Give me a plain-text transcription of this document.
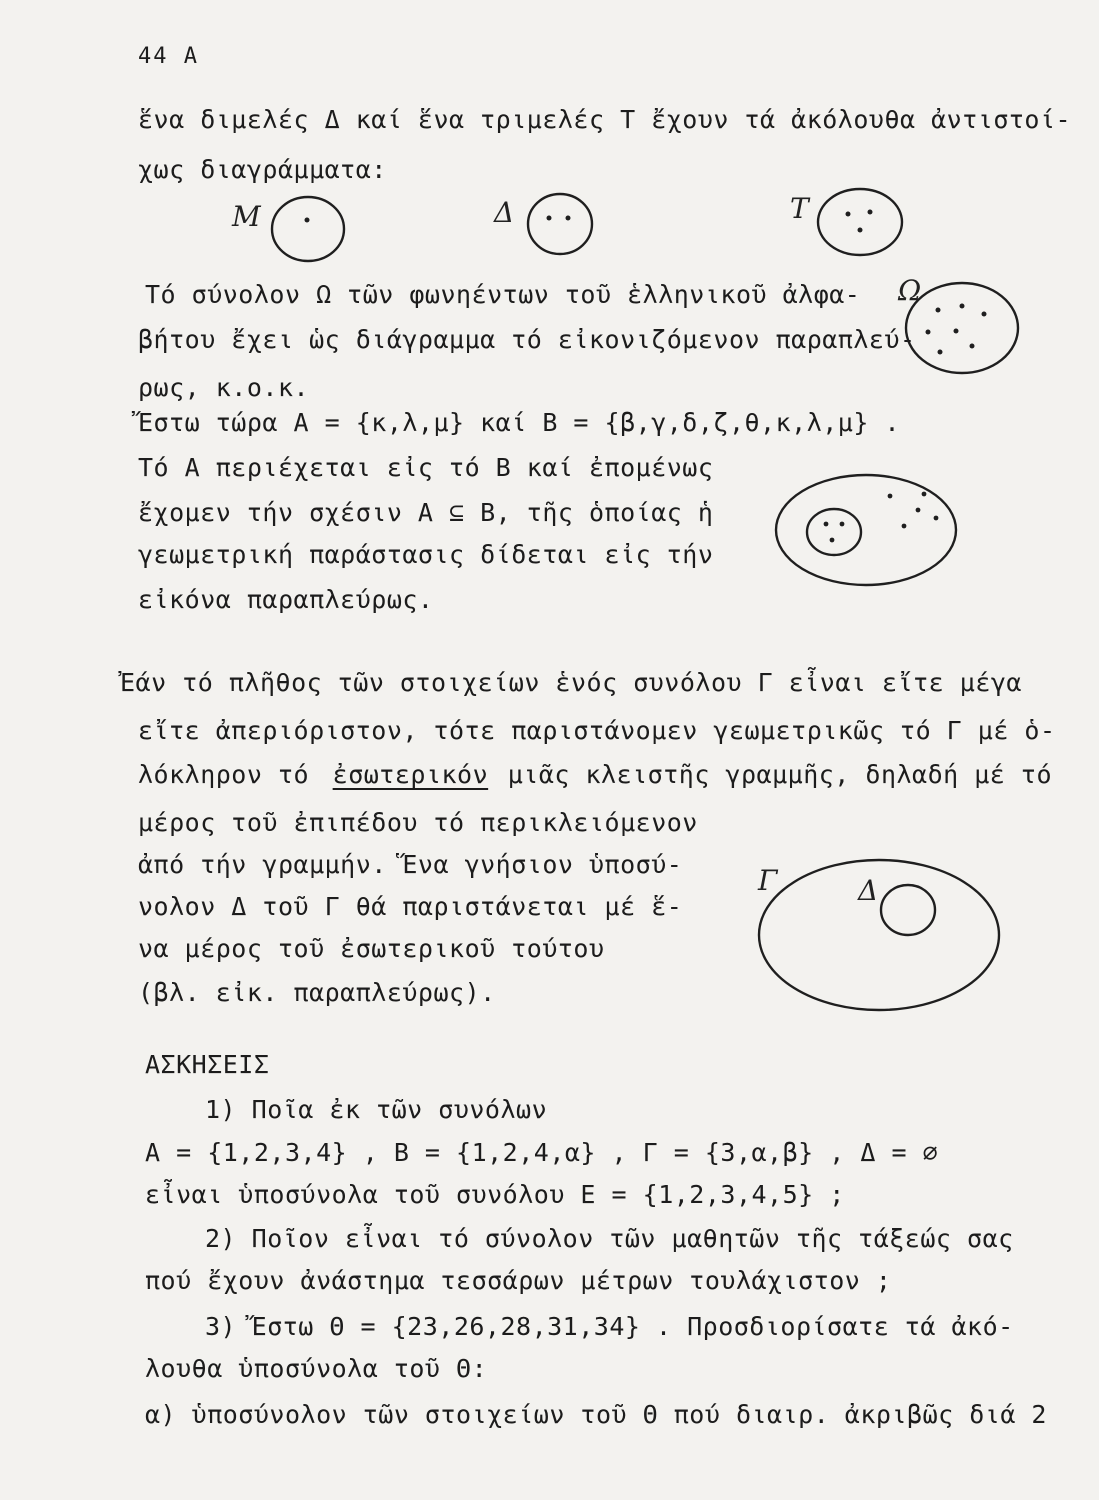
44 A
ἕνα διμελές Δ καί ἕνα τριμελές Τ ἔχουν τά ἀκόλουθα ἀντιστοί-
χως διαγράμματα:
Μ	Δ	Τ
Τό σύνολον Ω τῶν φωνηέντων τοῦ ἑλληνικοῦ ἀλφα-
βήτου ἔχει ὡς διάγραμμα τό εἰκονιζόμενον παραπλεύ-
ρως, κ.ο.κ.
Ω
Ἔστω τώρα Α = {κ,λ,μ} καί Β = {β,γ,δ,ζ,θ,κ,λ,μ} .
Τό Α περιέχεται εἰς τό Β καί ἐπομένως
ἔχομεν τήν σχέσιν Α ⊆ Β, τῆς ὁποίας ἡ
γεωμετρική παράστασις δίδεται εἰς τήν
εἰκόνα παραπλεύρως.
Ἐάν τό πλῆθος τῶν στοιχείων ἑνός συνόλου Γ εἶναι εἴτε μέγα
εἴτε ἀπεριόριστον, τότε παριστάνομεν γεωμετρικῶς τό Γ μέ ὁ-
λόκληρον τό ἐσωτερικόν μιᾶς κλειστῆς γραμμῆς, δηλαδή μέ τό
μέρος τοῦ ἐπιπέδου τό περικλειόμενον
ἀπό τήν γραμμήν. Ἕνα γνήσιον ὑποσύ-
νολον Δ τοῦ Γ θά παριστάνεται μέ ἕ-
να μέρος τοῦ ἐσωτερικοῦ τούτου
(βλ. εἰκ. παραπλεύρως).
Γ	Δ
ΑΣΚΗΣΕΙΣ
1) Ποῖα ἐκ τῶν συνόλων
Α = {1,2,3,4} , Β = {1,2,4,α} , Γ = {3,α,β} , Δ = ∅
εἶναι ὑποσύνολα τοῦ συνόλου Ε = {1,2,3,4,5} ;
2) Ποῖον εἶναι τό σύνολον τῶν μαθητῶν τῆς τάξεώς σας
πού ἔχουν ἀνάστημα τεσσάρων μέτρων τουλάχιστον ;
3) Ἔστω Θ = {23,26,28,31,34} . Προσδιορίσατε τά ἀκό-
λουθα ὑποσύνολα τοῦ Θ:
α) ὑποσύνολον τῶν στοιχείων τοῦ Θ πού διαιρ. ἀκριβῶς διά 2
